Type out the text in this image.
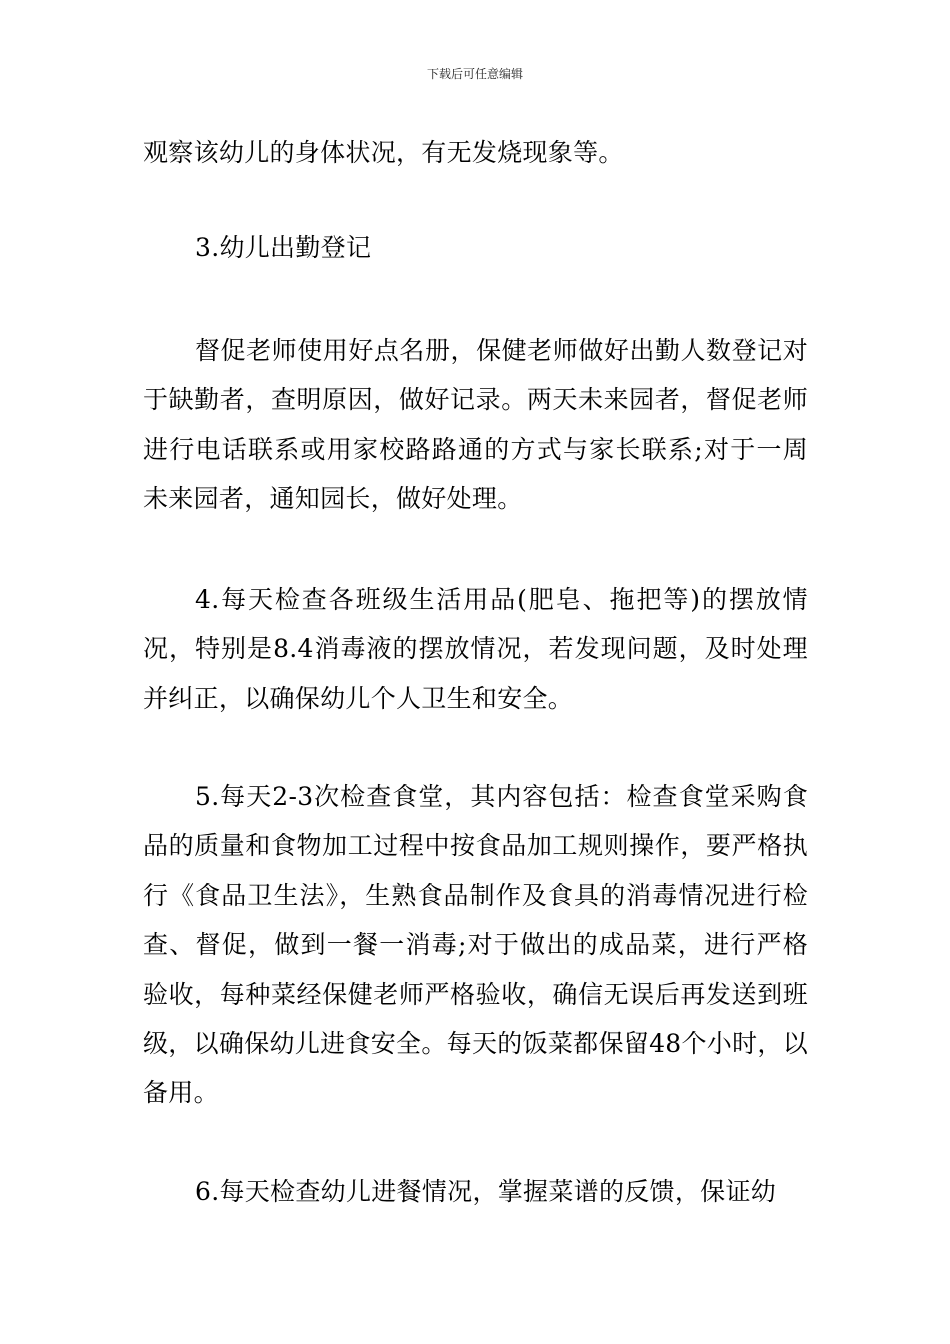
下载后可任意编辑
观察该幼儿的身体状况，有无发烧现象等。
3.幼儿出勤登记
督促老师使用好点名册，保健老师做好出勤人数登记对于缺勤者，查明原因，做好记录。两天未来园者，督促老师进行电话联系或用家校路路通的方式与家长联系;对于一周未来园者，通知园长，做好处理。
4.每天检查各班级生活用品(肥皂、拖把等)的摆放情况，特别是8.4消毒液的摆放情况，若发现问题，及时处理并纠正，以确保幼儿个人卫生和安全。
5.每天2-3次检查食堂，其内容包括：检查食堂采购食品的质量和食物加工过程中按食品加工规则操作，要严格执行《食品卫生法》，生熟食品制作及食具的消毒情况进行检查、督促，做到一餐一消毒;对于做出的成品菜，进行严格验收，每种菜经保健老师严格验收，确信无误后再发送到班级，以确保幼儿进食安全。每天的饭菜都保留48个小时，以备用。
6.每天检查幼儿进餐情况，掌握菜谱的反馈，保证幼
